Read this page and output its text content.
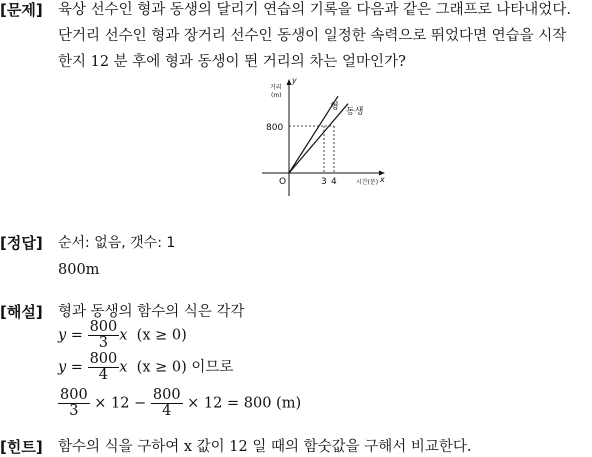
[문제] 육상 선수인 형과 동생의 달리기 연습의 기록을 다음과 같은 그래프로 나타내었다.
단거리 선수인 형과 장거리 선수인 동생이 일정한 속력으로 뛰었다면 연습을 시작
한지 12 분 후에 형과 동생이 뛴 거리의 차는 얼마인가?
거리
(m)
y
800
O	3 4	x
시간(분)
형 동생
[정답] 순서: 없음, 갯수: 1
800m
[해설] 형과 동생의 함수의 식은 각각
$y = \frac{800}{3}$ x (x ≥ 0)
$y = \frac{800}{4}$ x (x ≥ 0) 이므로
$\frac{800}{3} \times 12 - \frac{800}{4} \times 12 = 800$ (m)
[힌트] 함수의 식을 구하여 x 값이 12 일 때의 함숫값을 구해서 비교한다.
